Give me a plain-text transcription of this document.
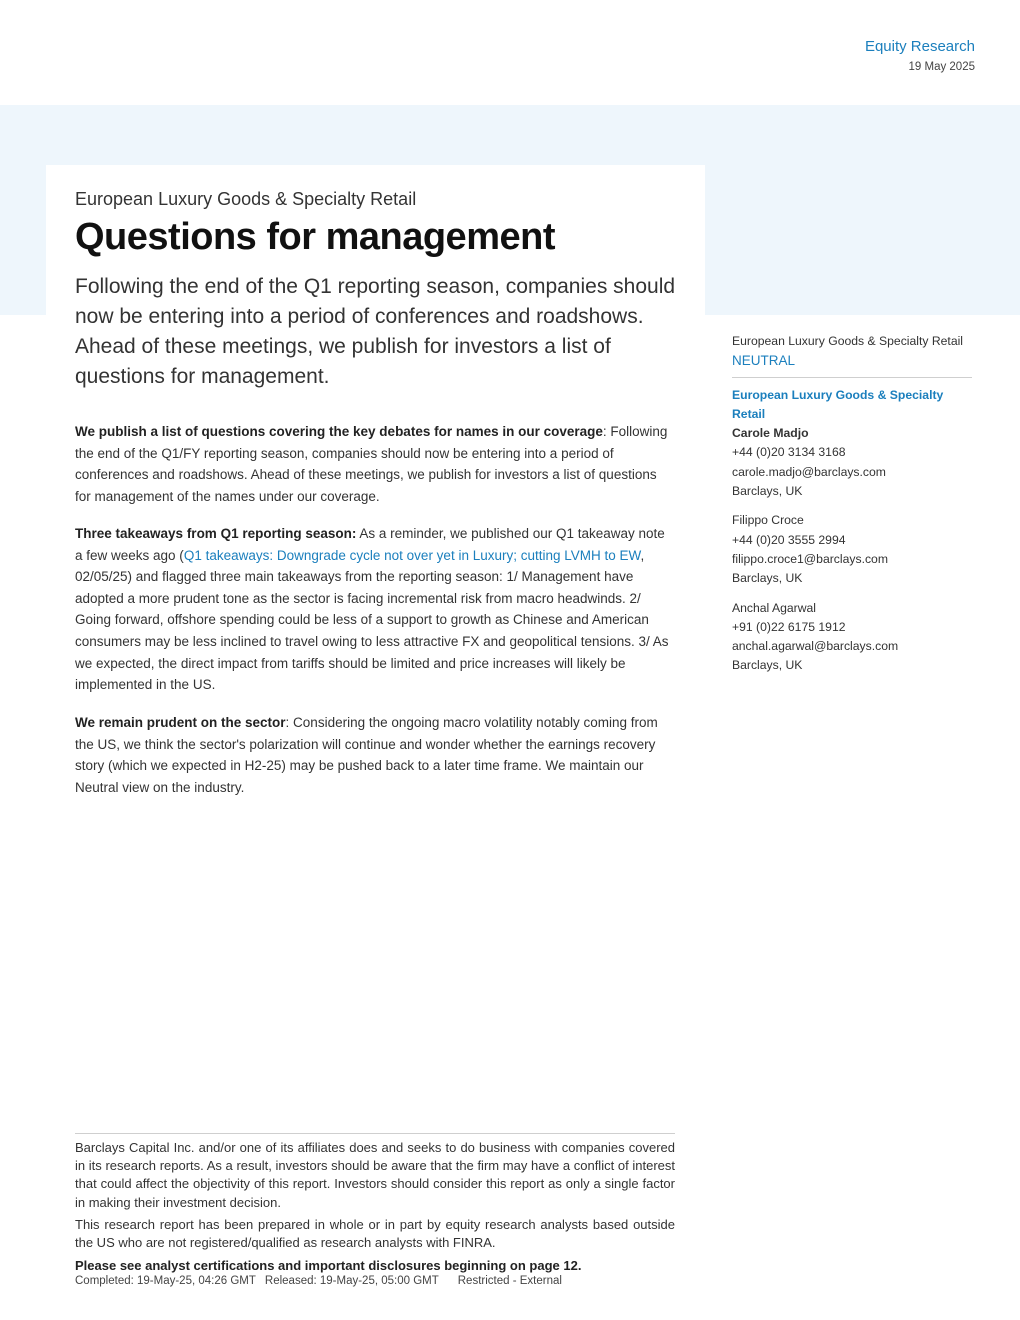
Equity Research
19 May 2025
European Luxury Goods & Specialty Retail
Questions for management
Following the end of the Q1 reporting season, companies should now be entering into a period of conferences and roadshows. Ahead of these meetings, we publish for investors a list of questions for management.
We publish a list of questions covering the key debates for names in our coverage: Following the end of the Q1/FY reporting season, companies should now be entering into a period of conferences and roadshows. Ahead of these meetings, we publish for investors a list of questions for management of the names under our coverage.
Three takeaways from Q1 reporting season: As a reminder, we published our Q1 takeaway note a few weeks ago (Q1 takeaways: Downgrade cycle not over yet in Luxury; cutting LVMH to EW, 02/05/25) and flagged three main takeaways from the reporting season: 1/ Management have adopted a more prudent tone as the sector is facing incremental risk from macro headwinds. 2/ Going forward, offshore spending could be less of a support to growth as Chinese and American consumers may be less inclined to travel owing to less attractive FX and geopolitical tensions. 3/ As we expected, the direct impact from tariffs should be limited and price increases will likely be implemented in the US.
We remain prudent on the sector: Considering the ongoing macro volatility notably coming from the US, we think the sector's polarization will continue and wonder whether the earnings recovery story (which we expected in H2-25) may be pushed back to a later time frame. We maintain our Neutral view on the industry.
European Luxury Goods & Specialty Retail
NEUTRAL
European Luxury Goods & Specialty Retail
Carole Madjo
+44 (0)20 3134 3168
carole.madjo@barclays.com
Barclays, UK
Filippo Croce
+44 (0)20 3555 2994
filippo.croce1@barclays.com
Barclays, UK
Anchal Agarwal
+91 (0)22 6175 1912
anchal.agarwal@barclays.com
Barclays, UK

Barclays Capital Inc. and/or one of its affiliates does and seeks to do business with companies covered in its research reports. As a result, investors should be aware that the firm may have a conflict of interest that could affect the objectivity of this report. Investors should consider this report as only a single factor in making their investment decision.

This research report has been prepared in whole or in part by equity research analysts based outside the US who are not registered/qualified as research analysts with FINRA.

Please see analyst certifications and important disclosures beginning on page 12.
Completed: 19-May-25, 04:26 GMT Released: 19-May-25, 05:00 GMT Restricted - External
